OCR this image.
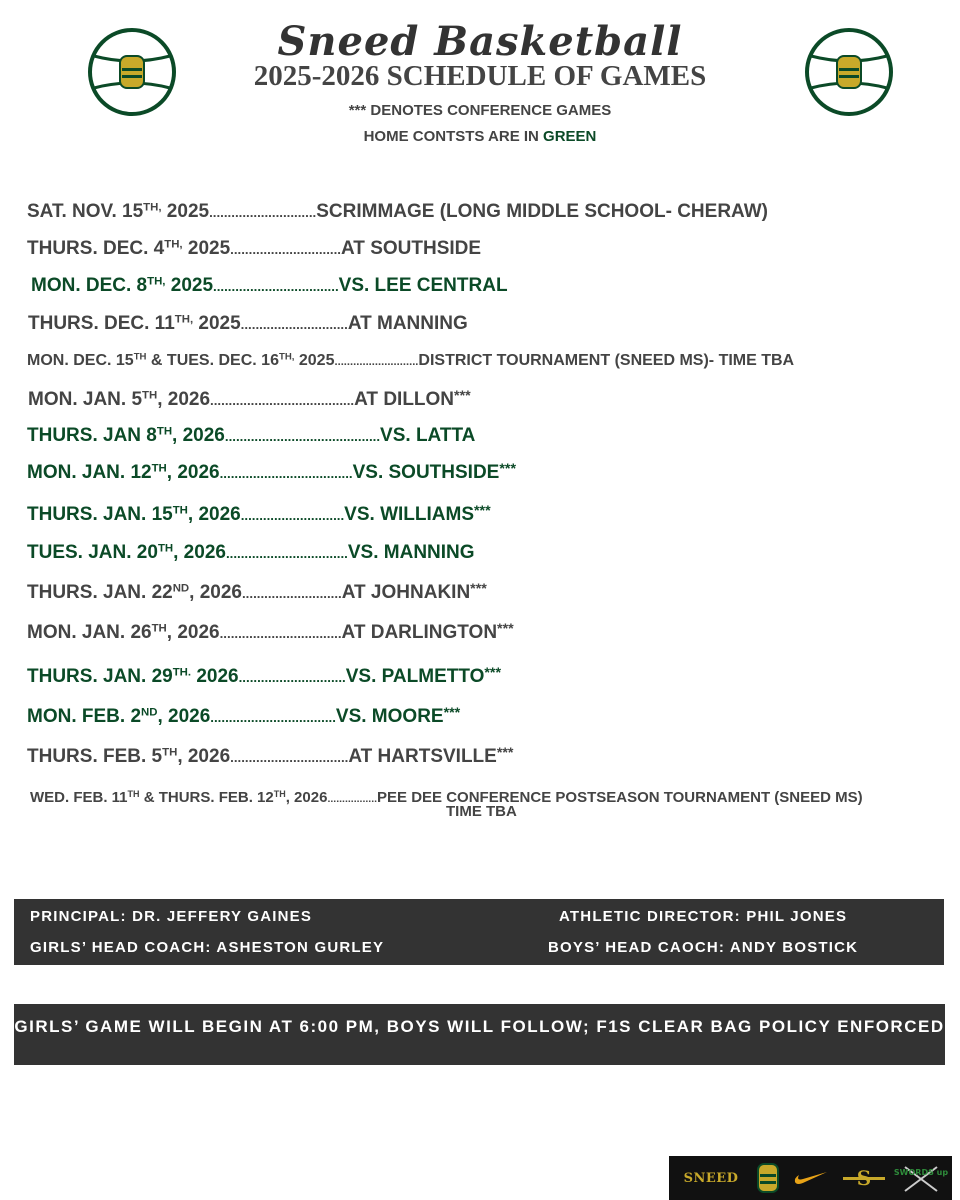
Sneed Basketball
2025-2026 SCHEDULE OF GAMES
*** DENOTES CONFERENCE GAMES
HOME CONTSTS ARE IN GREEN
SAT. NOV. $15^{TH,}$ 2025.............................SCRIMMAGE (LONG MIDDLE SCHOOL- CHERAW)
THURS. DEC. $4^{TH,}$ 2025..............................AT SOUTHSIDE
MON. DEC. $8^{TH,}$ 2025..................................VS. LEE CENTRAL
THURS. DEC. $11^{TH,}$ 2025.............................AT MANNING
MON. DEC. 15TH & TUES. DEC. $16^{TH,}$ 2025...........................DISTRICT TOURNAMENT (SNEED MS)- TIME TBA
MON. JAN. 5TH, 2026.......................................AT DILLON***
THURS. JAN 8TH, 2026..........................................VS. LATTA
MON. JAN. 12TH, 2026....................................VS. SOUTHSIDE***
THURS. JAN. 15TH, 2026............................VS. WILLIAMS***
TUES. JAN. 20TH, 2026.................................VS. MANNING
THURS. JAN. 22ND, 2026...........................AT JOHNAKIN***
MON. JAN. 26TH, 2026.................................AT DARLINGTON***
THURS. JAN. $29^{TH.}$ 2026.............................VS. PALMETTO***
MON. FEB. 2ND, 2026..................................VS. MOORE***
THURS. FEB. 5TH, 2026................................AT HARTSVILLE***
WED. FEB. 11TH & THURS. FEB. 12TH, 2026.................PEE DEE CONFERENCE POSTSEASON TOURNAMENT (SNEED MS)
TIME TBA
PRINCIPAL: DR. JEFFERY GAINES	ATHLETIC DIRECTOR: PHIL JONES
GIRLS’ HEAD COACH: ASHESTON GURLEY	BOYS’ HEAD CAOCH: ANDY BOSTICK
GIRLS’ GAME WILL BEGIN AT 6:00 PM, BOYS WILL FOLLOW; F1S CLEAR BAG POLICY ENFORCED
SNEED	S	SWORDS up
